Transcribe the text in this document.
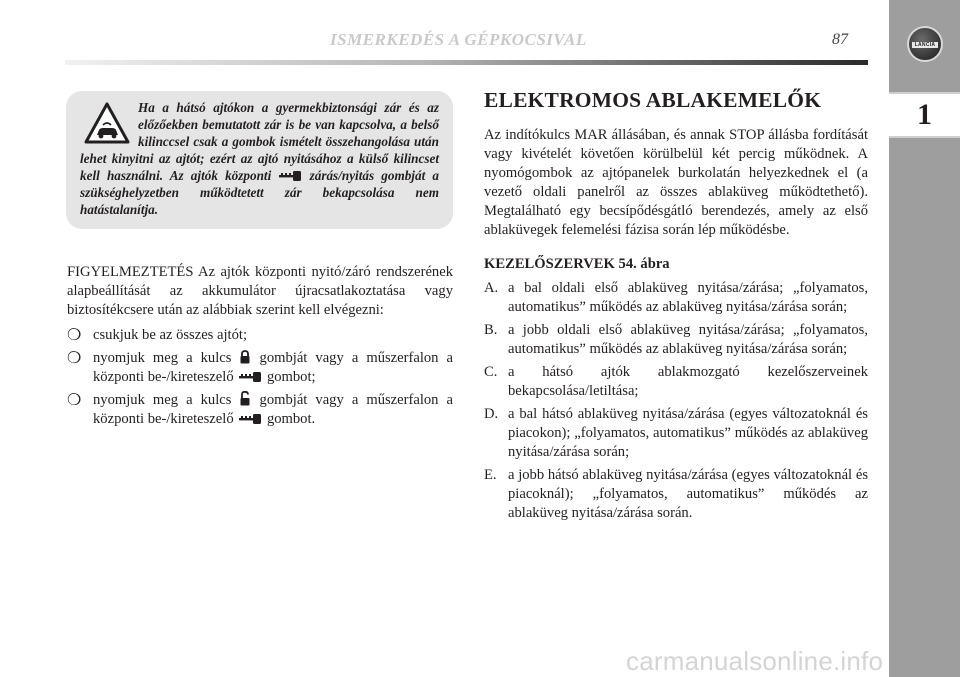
ISMERKEDÉS A GÉPKOCSIVAL	87	LANCIA
1

Ha a hátsó ajtókon a gyermekbiztonsági zár és az előzőekben bemutatott zár is be van kapcsolva, a belső kilinccsel csak a gombok ismételt összehangolása után lehet kinyitni az ajtót; ezért az ajtó nyitásához a külső kilincset kell használni. Az ajtók központi	zárás/nyitás gombját a szükséghelyzetben működtetett zár bekapcsolása nem hatástalanítja.

FIGYELMEZTETÉS Az ajtók központi nyitó/záró rendszerének alapbeállítását az akkumulátor újracsatlakoztatása vagy biztosítékcsere után az alábbiak szerint kell elvégezni:

❍ csukjuk be az összes ajtót;
❍ nyomjuk meg a kulcs gombját vagy a műszerfalon a központi be-/kireteszelő gombot;
❍ nyomjuk meg a kulcs gombját vagy a műszerfalon a központi be-/kireteszelő gombot.
ELEKTROMOS ABLAKEMELŐK

Az indítókulcs MAR állásában, és annak STOP állásba fordítását vagy kivételét követően körülbelül két percig működnek. A nyomógombok az ajtópanelek burkolatán helyezkednek el (a vezető oldali panelről az összes ablaküveg működtethető). Megtalálható egy becsípődésgátló berendezés, amely az első ablaküvegek felemelési fázisa során lép működésbe.

KEZELŐSZERVEK 54. ábra
A. a bal oldali első ablaküveg nyitása/zárása; „folyamatos, automatikus” működés az ablaküveg nyitása/zárása során;
B. a jobb oldali első ablaküveg nyitása/zárása; „folyamatos, automatikus” működés az ablaküveg nyitása/zárása során;
C. a hátsó ajtók ablakmozgató kezelőszerveinek bekapcsolása/letiltása;
D. a bal hátsó ablaküveg nyitása/zárása (egyes változatoknál és piacokon); „folyamatos, automatikus” működés az ablaküveg nyitása/zárása során;
E. a jobb hátsó ablaküveg nyitása/zárása (egyes változatoknál és piacoknál); „folyamatos, automatikus” működés az ablaküveg nyitása/zárása során.
carmanualsonline.info
